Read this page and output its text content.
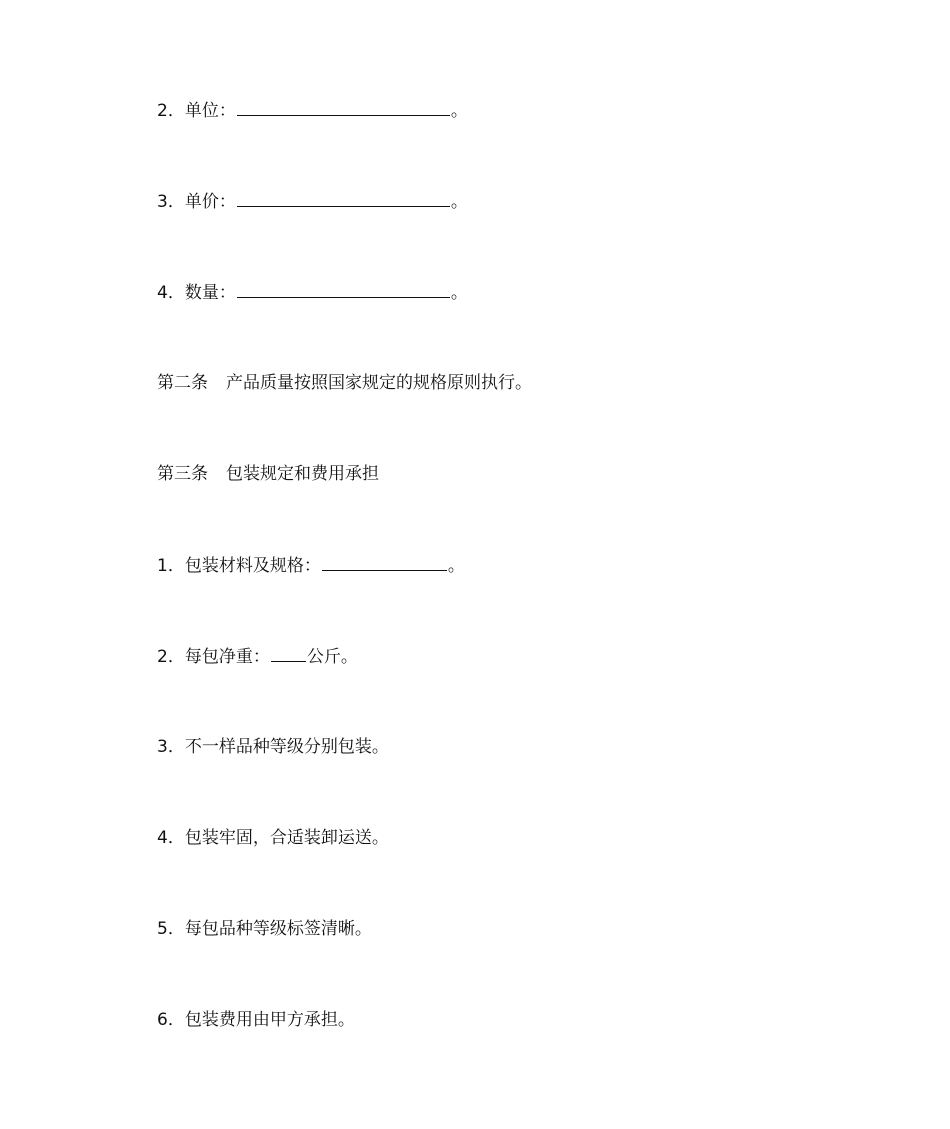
2．单位：	。
3．单价：	。
4．数量：	。
第二条 产品质量按照国家规定的规格原则执行。
第三条 包装规定和费用承担
1．包装材料及规格：	。
2．每包净重： 公斤。
3．不一样品种等级分别包装。
4．包装牢固，合适装卸运送。
5．每包品种等级标签清晰。
6．包装费用由甲方承担。
